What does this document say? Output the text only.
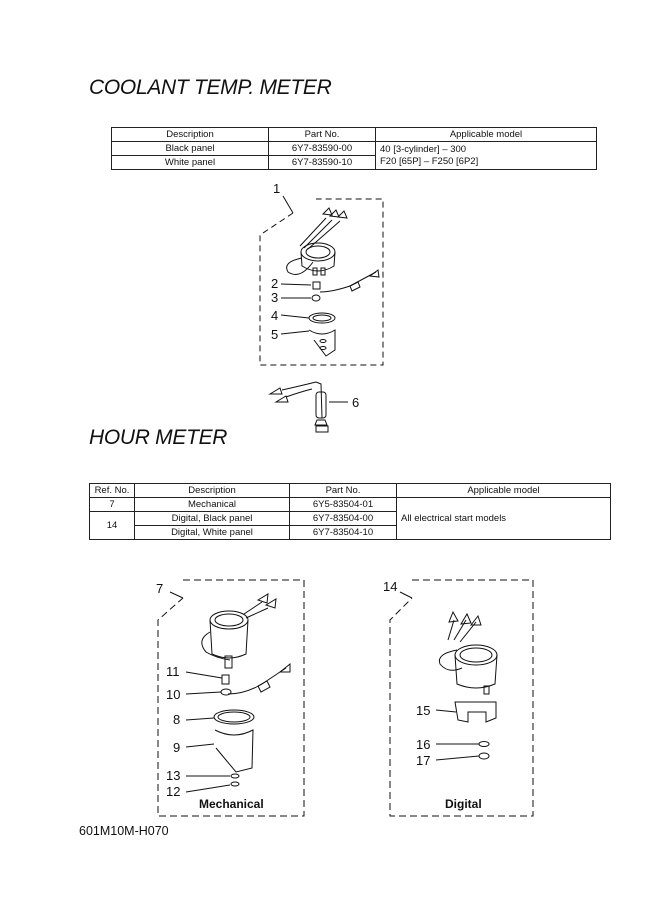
COOLANT TEMP. METER
Description	Part No.	Applicable model
Black panel	6Y7-83590-00	40 [3-cylinder] – 300
F20 [65P] – F250 [6P2]

White panel	6Y7-83590-10	
HOUR METER
Ref. No.	Description	Part No.	Applicable model
7	Mechanical	6Y5-83504-01	All electrical start models
14	Digital, Black panel	6Y7-83504-00	
	Digital, White panel	6Y7-83504-10	
1
2
3
4
5
6
7
11
10
8
9
13
12
Mechanical
14
15
16
17
Digital
601M10M-H070
